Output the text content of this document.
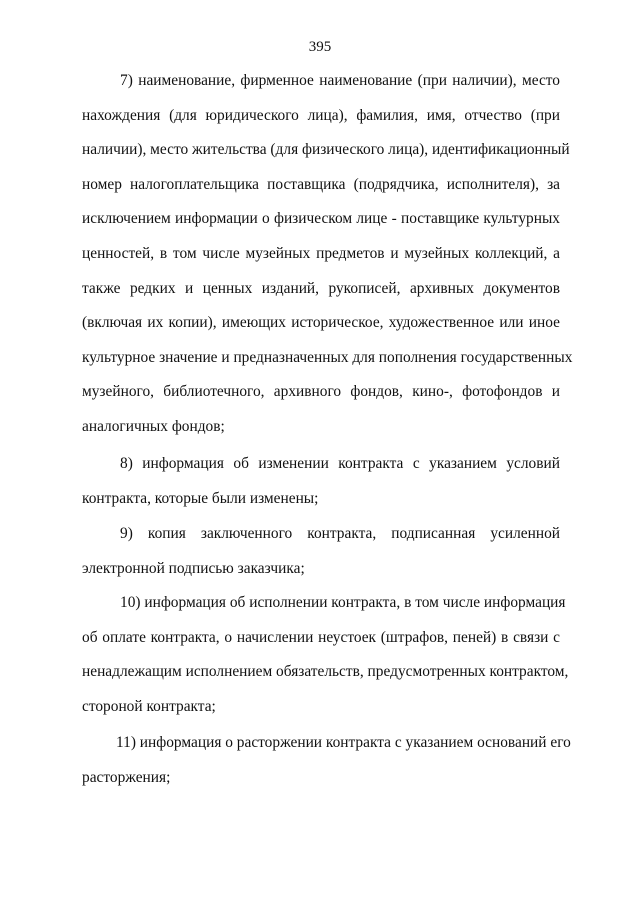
395
7) наименование, фирменное наименование (при наличии), место
нахождения (для юридического лица), фамилия, имя, отчество (при
наличии), место жительства (для физического лица), идентификационный
номер налогоплательщика поставщика (подрядчика, исполнителя), за
исключением информации о физическом лице - поставщике культурных
ценностей, в том числе музейных предметов и музейных коллекций, а
также редких и ценных изданий, рукописей, архивных документов
(включая их копии), имеющих историческое, художественное или иное
культурное значение и предназначенных для пополнения государственных
музейного, библиотечного, архивного фондов, кино-, фотофондов и
аналогичных фондов;
8) информация об изменении контракта с указанием условий
контракта, которые были изменены;
9) копия заключенного контракта, подписанная усиленной
электронной подписью заказчика;
10) информация об исполнении контракта, в том числе информация
об оплате контракта, о начислении неустоек (штрафов, пеней) в связи с
ненадлежащим исполнением обязательств, предусмотренных контрактом,
стороной контракта;
11) информация о расторжении контракта с указанием оснований его
расторжения;
